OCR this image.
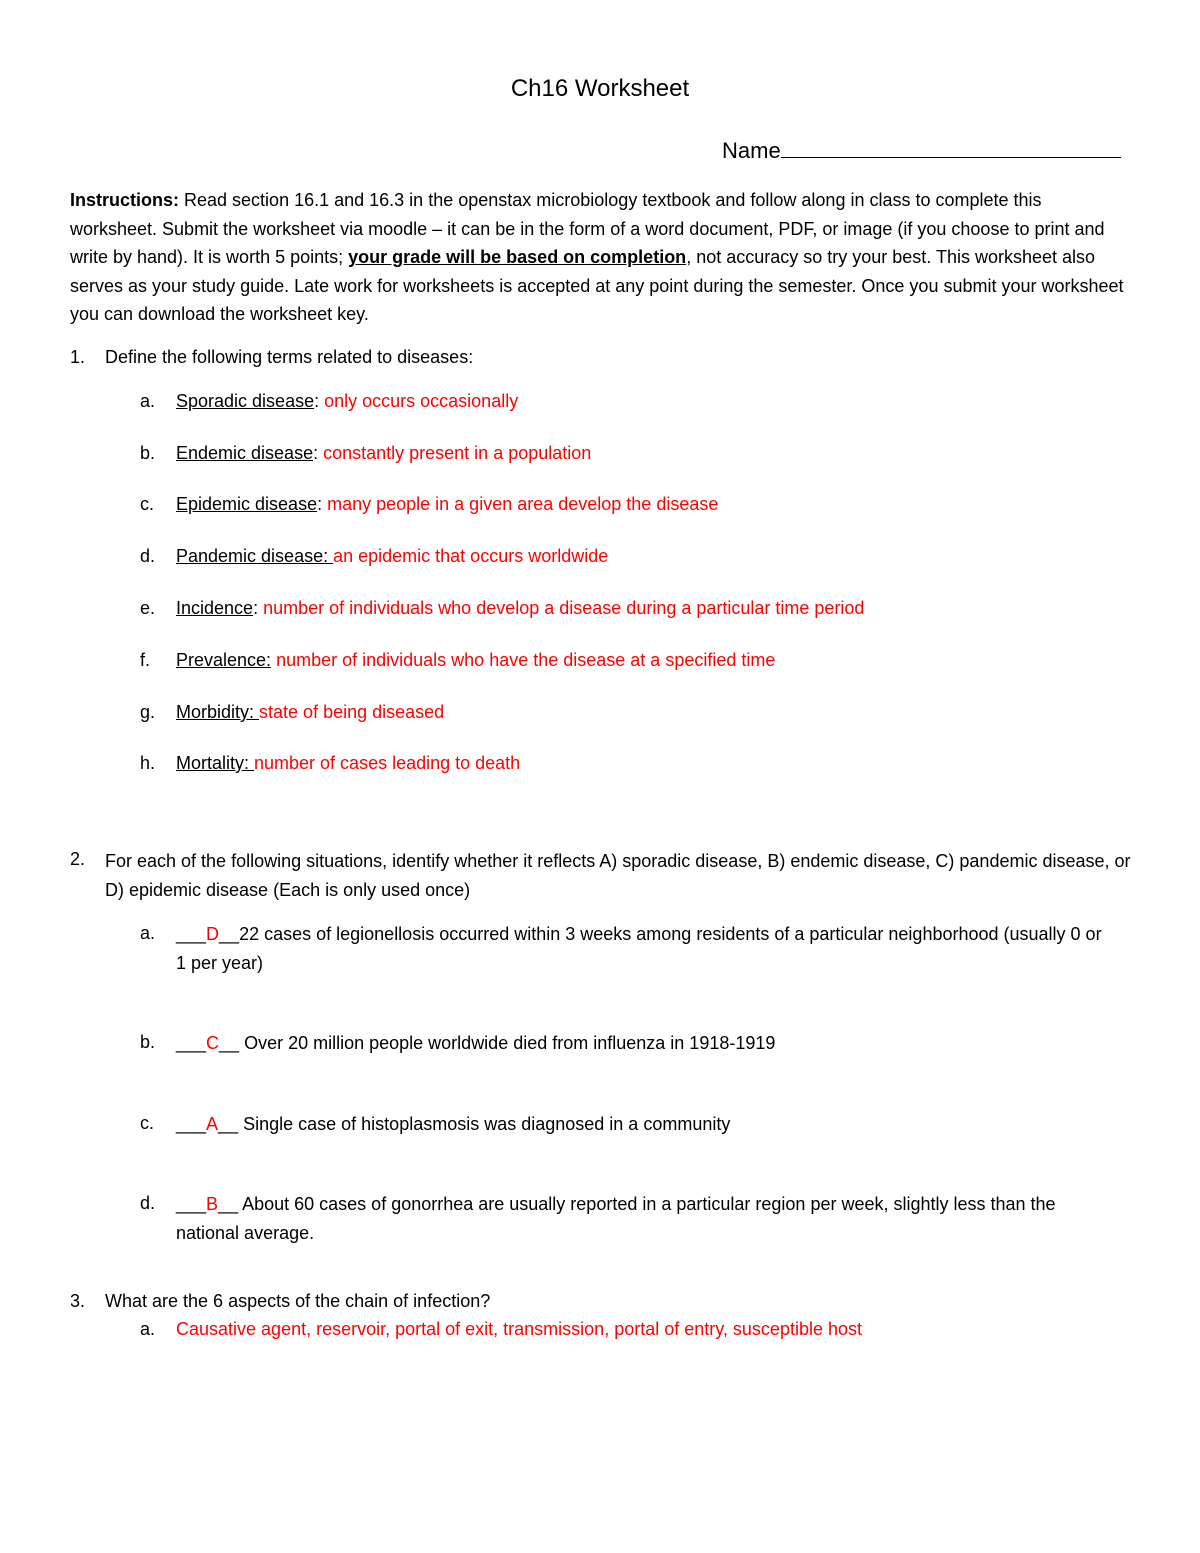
Ch16 Worksheet
Name
Instructions: Read section 16.1 and 16.3 in the openstax microbiology textbook and follow along in class to complete this worksheet. Submit the worksheet via moodle – it can be in the form of a word document, PDF, or image (if you choose to print and write by hand). It is worth 5 points; your grade will be based on completion, not accuracy so try your best. This worksheet also serves as your study guide. Late work for worksheets is accepted at any point during the semester. Once you submit your worksheet you can download the worksheet key.
1. Define the following terms related to diseases:
a. Sporadic disease: only occurs occasionally
b. Endemic disease: constantly present in a population
c. Epidemic disease: many people in a given area develop the disease
d. Pandemic disease: an epidemic that occurs worldwide
e. Incidence: number of individuals who develop a disease during a particular time period
f. Prevalence: number of individuals who have the disease at a specified time
g. Morbidity: state of being diseased
h. Mortality: number of cases leading to death
2. For each of the following situations, identify whether it reflects A) sporadic disease, B) endemic disease, C) pandemic disease, or D) epidemic disease (Each is only used once)
a. ___D__22 cases of legionellosis occurred within 3 weeks among residents of a particular neighborhood (usually 0 or 1 per year)
b. ___C__ Over 20 million people worldwide died from influenza in 1918-1919
c. ___A__ Single case of histoplasmosis was diagnosed in a community
d. ___B__ About 60 cases of gonorrhea are usually reported in a particular region per week, slightly less than the national average.
3. What are the 6 aspects of the chain of infection?
a. Causative agent, reservoir, portal of exit, transmission, portal of entry, susceptible host
